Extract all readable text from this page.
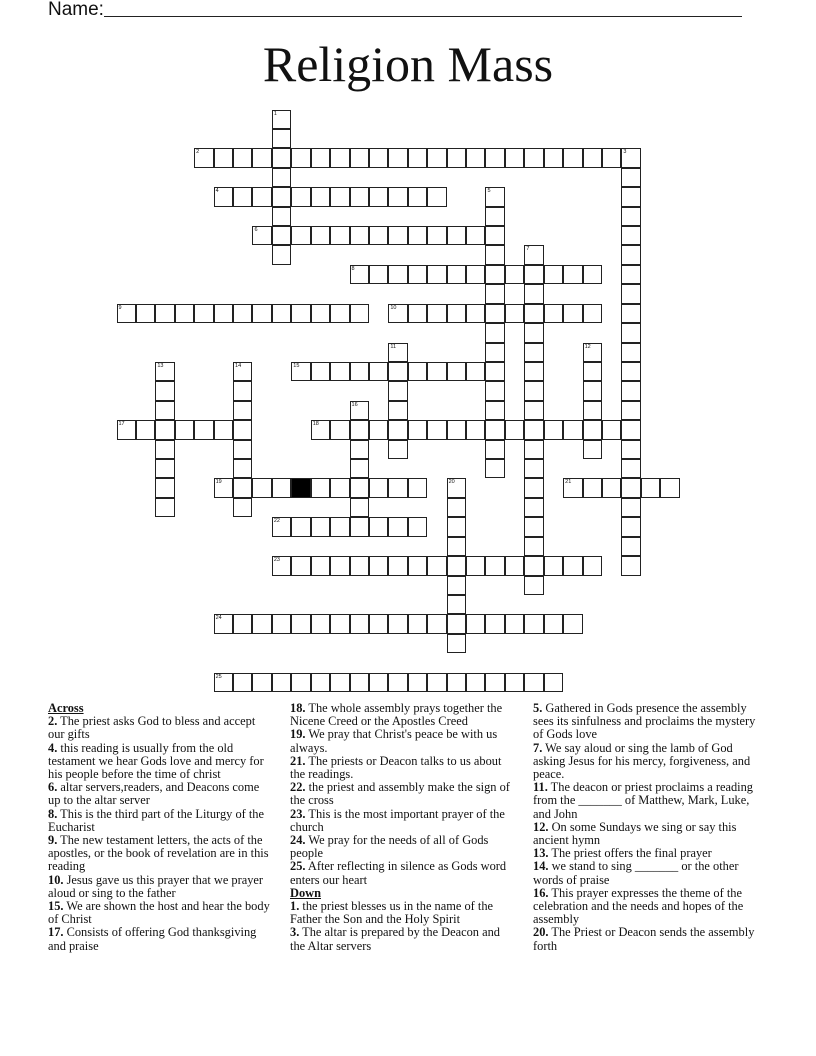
Name:
Religion Mass
2
4
6
8
9	10
15
17	18
19	21
22
23
24
25
1
3
5
7
11	12
13	14
16
20

Across

2. The priest asks God to bless and accept our gifts

4. this reading is usually from the old testament we hear Gods love and mercy for his people before the time of christ

6. altar servers,readers, and Deacons come up to the altar server

8. This is the third part of the Liturgy of the Eucharist

9. The new testament letters, the acts of the apostles, or the book of revelation are in this reading

10. Jesus gave us this prayer that we prayer aloud or sing to the father

15. We are shown the host and hear the body of Christ

17. Consists of offering God thanksgiving and praise

18. The whole assembly prays together the Nicene Creed or the Apostles Creed

19. We pray that Christ's peace be with us always.

21. The priests or Deacon talks to us about the readings.

22. the priest and assembly make the sign of the cross

23. This is the most important prayer of the church

24. We pray for the needs of all of Gods people

25. After reflecting in silence as Gods word enters our heart

Down

1. the priest blesses us in the name of the Father the Son and the Holy Spirit

3. The altar is prepared by the Deacon and the Altar servers

5. Gathered in Gods presence the assembly sees its sinfulness and proclaims the mystery of Gods love

7. We say aloud or sing the lamb of God asking Jesus for his mercy, forgiveness, and peace.

11. The deacon or priest proclaims a reading from the _______ of Matthew, Mark, Luke, and John

12. On some Sundays we sing or say this ancient hymn

13. The priest offers the final prayer

14. we stand to sing _______ or the other words of praise

16. This prayer expresses the theme of the celebration and the needs and hopes of the assembly

20. The Priest or Deacon sends the assembly forth
